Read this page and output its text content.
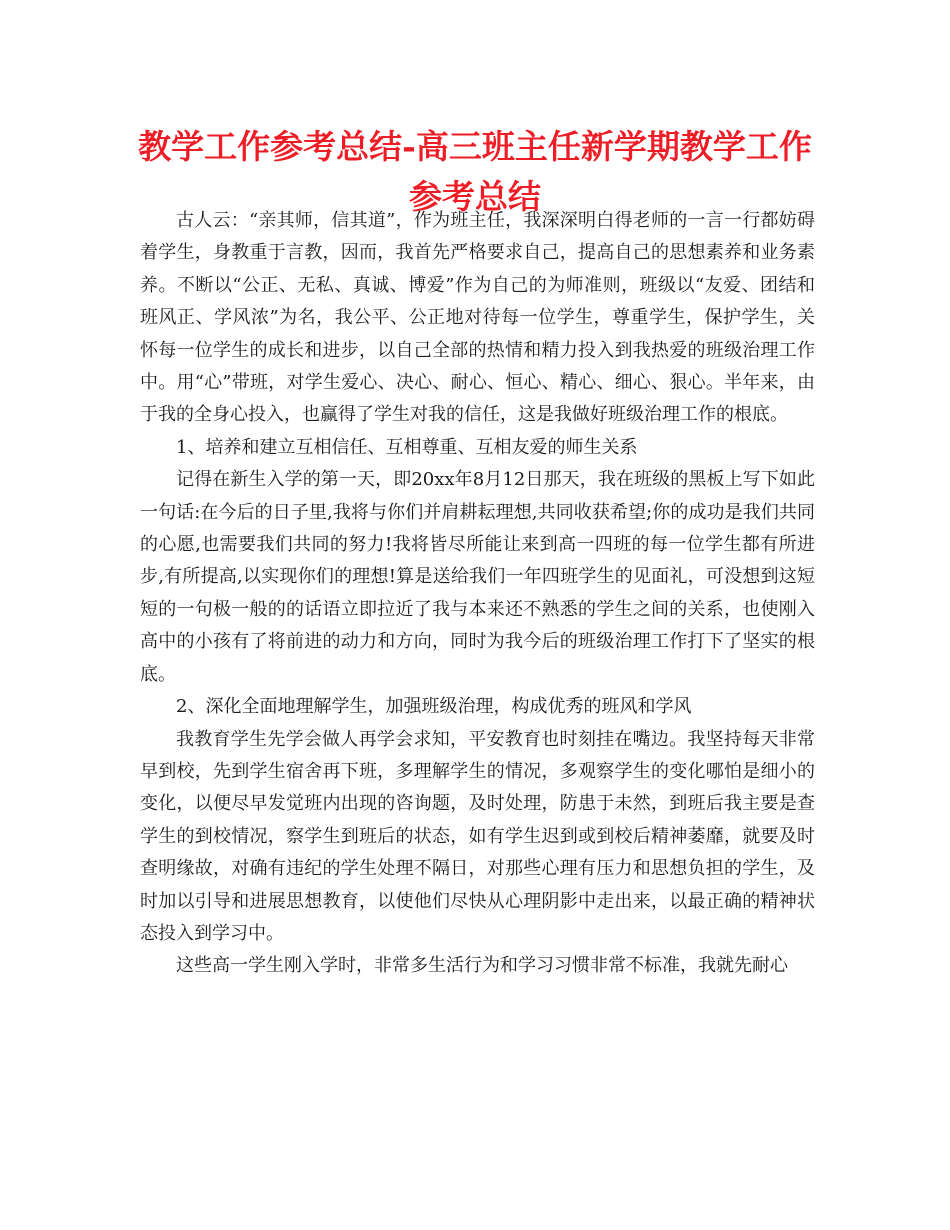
教学工作参考总结-高三班主任新学期教学工作参考总结

古人云：“亲其师，信其道”，作为班主任，我深深明白得老师的一言一行都妨碍着学生，身教重于言教，因而，我首先严格要求自己，提高自己的思想素养和业务素养。不断以“公正、无私、真诚、博爱”作为自己的为师准则，班级以“友爱、团结和班风正、学风浓”为名，我公平、公正地对待每一位学生，尊重学生，保护学生，关怀每一位学生的成长和进步，以自己全部的热情和精力投入到我热爱的班级治理工作中。用“心”带班，对学生爱心、决心、耐心、恒心、精心、细心、狠心。半年来，由于我的全身心投入，也赢得了学生对我的信任，这是我做好班级治理工作的根底。

1、培养和建立互相信任、互相尊重、互相友爱的师生关系

记得在新生入学的第一天，即20xx年8月12日那天，我在班级的黑板上写下如此一句话:在今后的日子里,我将与你们并肩耕耘理想,共同收获希望;你的成功是我们共同的心愿,也需要我们共同的努力!我将皆尽所能让来到高一四班的每一位学生都有所进步,有所提高,以实现你们的理想!算是送给我们一年四班学生的见面礼，可没想到这短短的一句极一般的的话语立即拉近了我与本来还不熟悉的学生之间的关系，也使刚入高中的小孩有了将前进的动力和方向，同时为我今后的班级治理工作打下了坚实的根底。

2、深化全面地理解学生，加强班级治理，构成优秀的班风和学风

我教育学生先学会做人再学会求知，平安教育也时刻挂在嘴边。我坚持每天非常早到校，先到学生宿舍再下班，多理解学生的情况，多观察学生的变化哪怕是细小的变化，以便尽早发觉班内出现的咨询题，及时处理，防患于未然，到班后我主要是查学生的到校情况，察学生到班后的状态，如有学生迟到或到校后精神萎靡，就要及时查明缘故，对确有违纪的学生处理不隔日，对那些心理有压力和思想负担的学生，及时加以引导和进展思想教育，以使他们尽快从心理阴影中走出来，以最正确的精神状态投入到学习中。

这些高一学生刚入学时，非常多生活行为和学习习惯非常不标准，我就先耐心
